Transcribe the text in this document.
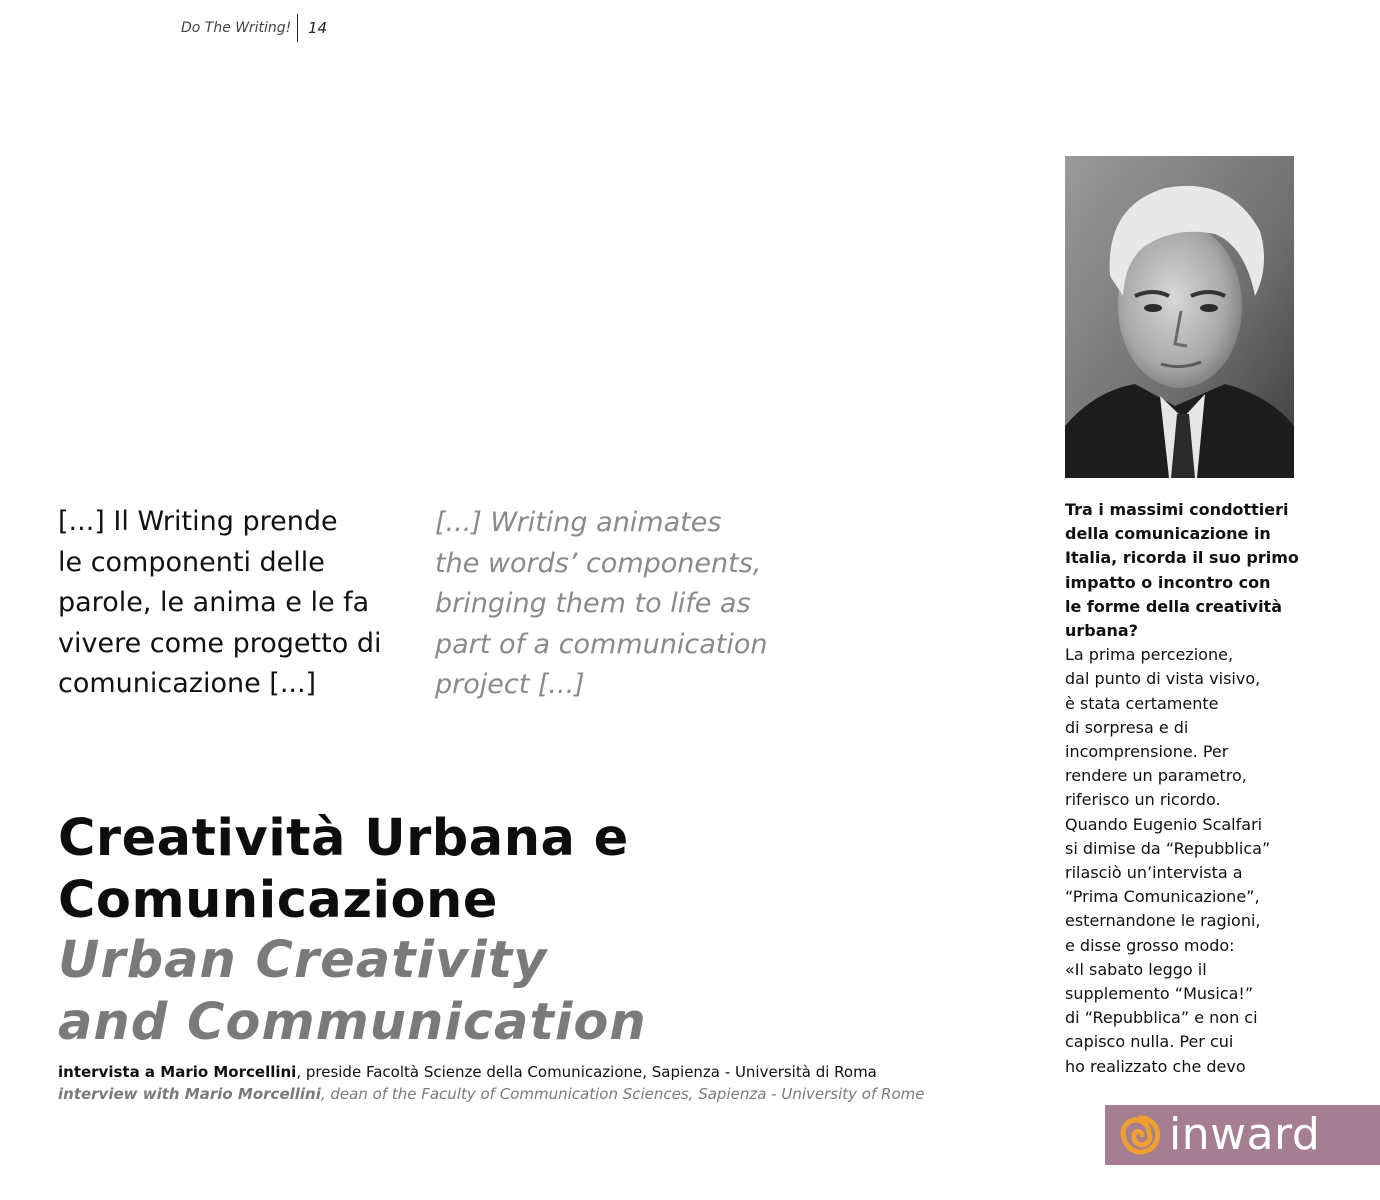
Do The Writing! 14
[...] Il Writing prende
le componenti delle
parole, le anima e le fa
vivere come progetto di
comunicazione [...]
[...] Writing animates
the words’ components,
bringing them to life as
part of a communication
project [...]
Creatività Urbana e
Comunicazione
Urban Creativity
and Communication
intervista a Mario Morcellini, preside Facoltà Scienze della Comunicazione, Sapienza - Università di Roma
interview with Mario Morcellini, dean of the Faculty of Communication Sciences, Sapienza - University of Rome
Tra i massimi condottieri
della comunicazione in
Italia, ricorda il suo primo
impatto o incontro con
le forme della creatività
urbana?
La prima percezione,
dal punto di vista visivo,
è stata certamente
di sorpresa e di
incomprensione. Per
rendere un parametro,
riferisco un ricordo.
Quando Eugenio Scalfari
si dimise da “Repubblica”
rilasciò un’intervista a
“Prima Comunicazione”,
esternandone le ragioni,
e disse grosso modo:
«Il sabato leggo il
supplemento “Musica!”
di “Repubblica” e non ci
capisco nulla. Per cui
ho realizzato che devo
inward
